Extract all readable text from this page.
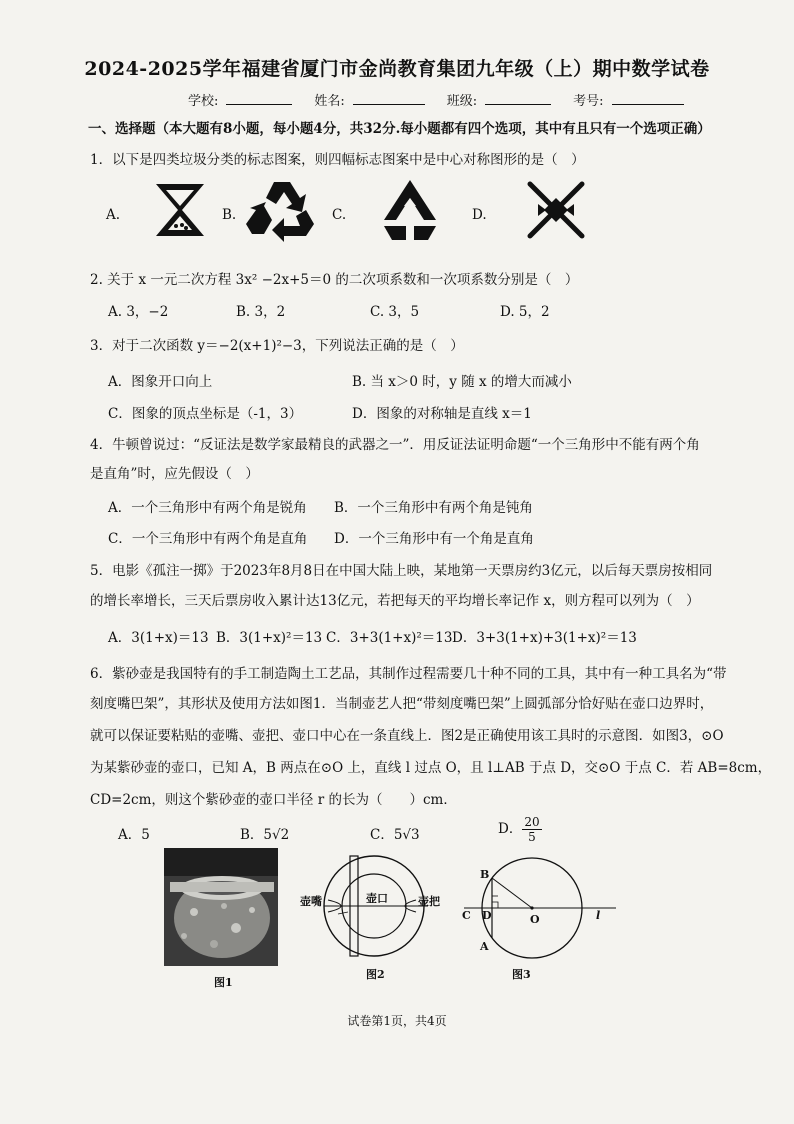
2024-2025学年福建省厦门市金尚教育集团九年级（上）期中数学试卷
学校:	姓名:	班级:	考号:
一、选择题（本大题有8小题，每小题4分，共32分.每小题都有四个选项，其中有且只有一个选项正确）
1．以下是四类垃圾分类的标志图案，则四幅标志图案中是中心对称图形的是（　）
A.	B.	C.	D.
2. 关于 x 一元二次方程 3x² −2x+5＝0 的二次项系数和一次项系数分别是（　）
A. 3，−2	B. 3，2	C. 3，5	D. 5，2
3．对于二次函数 y＝−2(x+1)²−3，下列说法正确的是（　）
A．图象开口向上	B. 当 x＞0 时，y 随 x 的增大而减小
C．图象的顶点坐标是（-1，3）	D．图象的对称轴是直线 x＝1
4．牛顿曾说过：“反证法是数学家最精良的武器之一”．用反证法证明命题“一个三角形中不能有两个角
是直角”时，应先假设（　）
A．一个三角形中有两个角是锐角 B．一个三角形中有两个角是钝角
C．一个三角形中有两个角是直角 D．一个三角形中有一个角是直角
5．电影《孤注一掷》于2023年8月8日在中国大陆上映，某地第一天票房约3亿元，以后每天票房按相同
的增长率增长，三天后票房收入累计达13亿元，若把每天的平均增长率记作 x，则方程可以列为（　）
A．3(1+x)＝13 B．3(1+x)²＝13 C．3+3(1+x)²＝13 D．3+3(1+x)+3(1+x)²＝13
6．紫砂壶是我国特有的手工制造陶土工艺品，其制作过程需要几十种不同的工具，其中有一种工具名为“带
刻度嘴巴架”，其形状及使用方法如图1．当制壶艺人把“带刻度嘴巴架”上圆弧部分恰好贴在壶口边界时，
就可以保证要粘贴的壶嘴、壶把、壶口中心在一条直线上．图2是正确使用该工具时的示意图．如图3，⊙O
为某紫砂壶的壶口，已知 A，B 两点在⊙O 上，直线 l 过点 O，且 l⊥AB 于点 D，交⊙O 于点 C．若 AB=8cm，
CD=2cm，则这个紫砂壶的壶口半径 r 的长为（　　）cm．
A．5	B．5√2	C．5√3	D． $\frac{20}{5}$
图1
壶嘴	壶口	壶把
图2
B
C D	O
A
l
图3
试卷第1页，共4页
